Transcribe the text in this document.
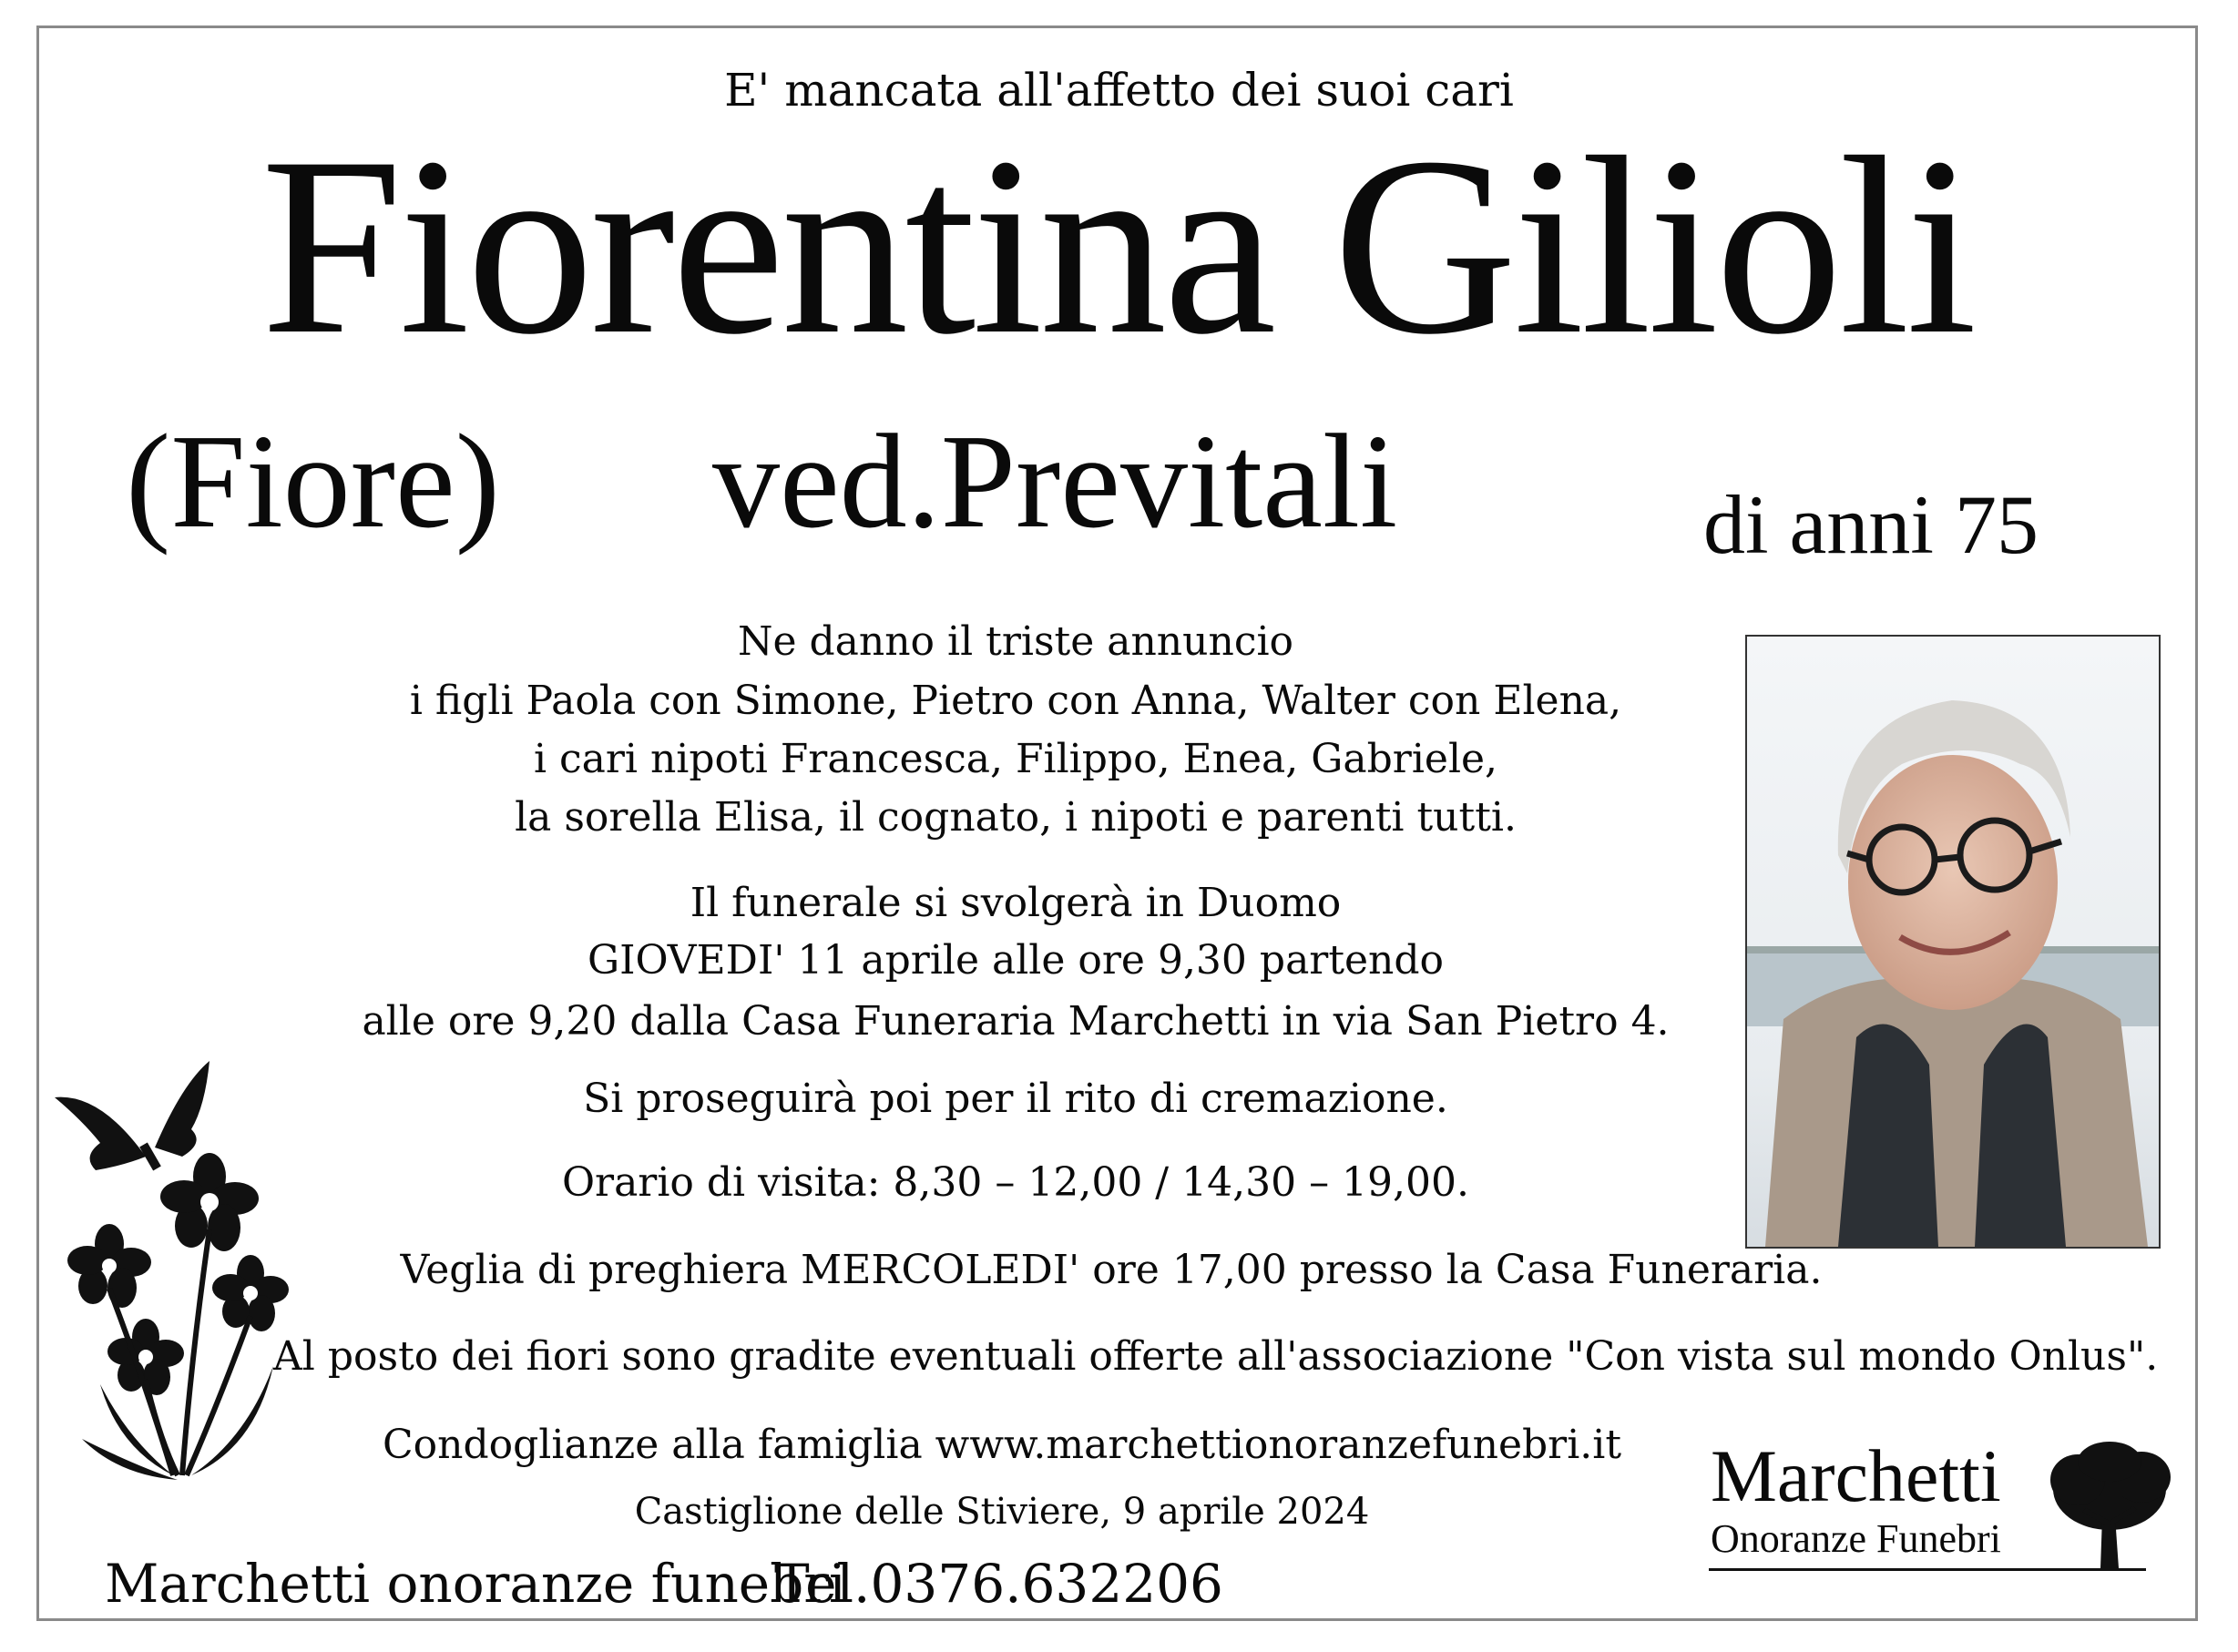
E' mancata all'affetto dei suoi cari
Fiorentina Gilioli
(Fiore) ved.Previtali	di anni 75
Ne danno il triste annuncio
i figli Paola con Simone, Pietro con Anna, Walter con Elena,
i cari nipoti Francesca, Filippo, Enea, Gabriele,
la sorella Elisa, il cognato, i nipoti e parenti tutti.
Il funerale si svolgerà in Duomo
GIOVEDI' 11 aprile alle ore 9,30 partendo
alle ore 9,20 dalla Casa Funeraria Marchetti in via San Pietro 4.
Si proseguirà poi per il rito di cremazione.
Orario di visita: 8,30 – 12,00 / 14,30 – 19,00.
Veglia di preghiera MERCOLEDI' ore 17,00 presso la Casa Funeraria.
Al posto dei fiori sono gradite eventuali offerte all'associazione "Con vista sul mondo Onlus".
Condoglianze alla famiglia www.marchettionoranzefunebri.it
Castiglione delle Stiviere, 9 aprile 2024
Marchetti onoranze funebri
Tel.0376.632206
Marchetti
Onoranze Funebri
